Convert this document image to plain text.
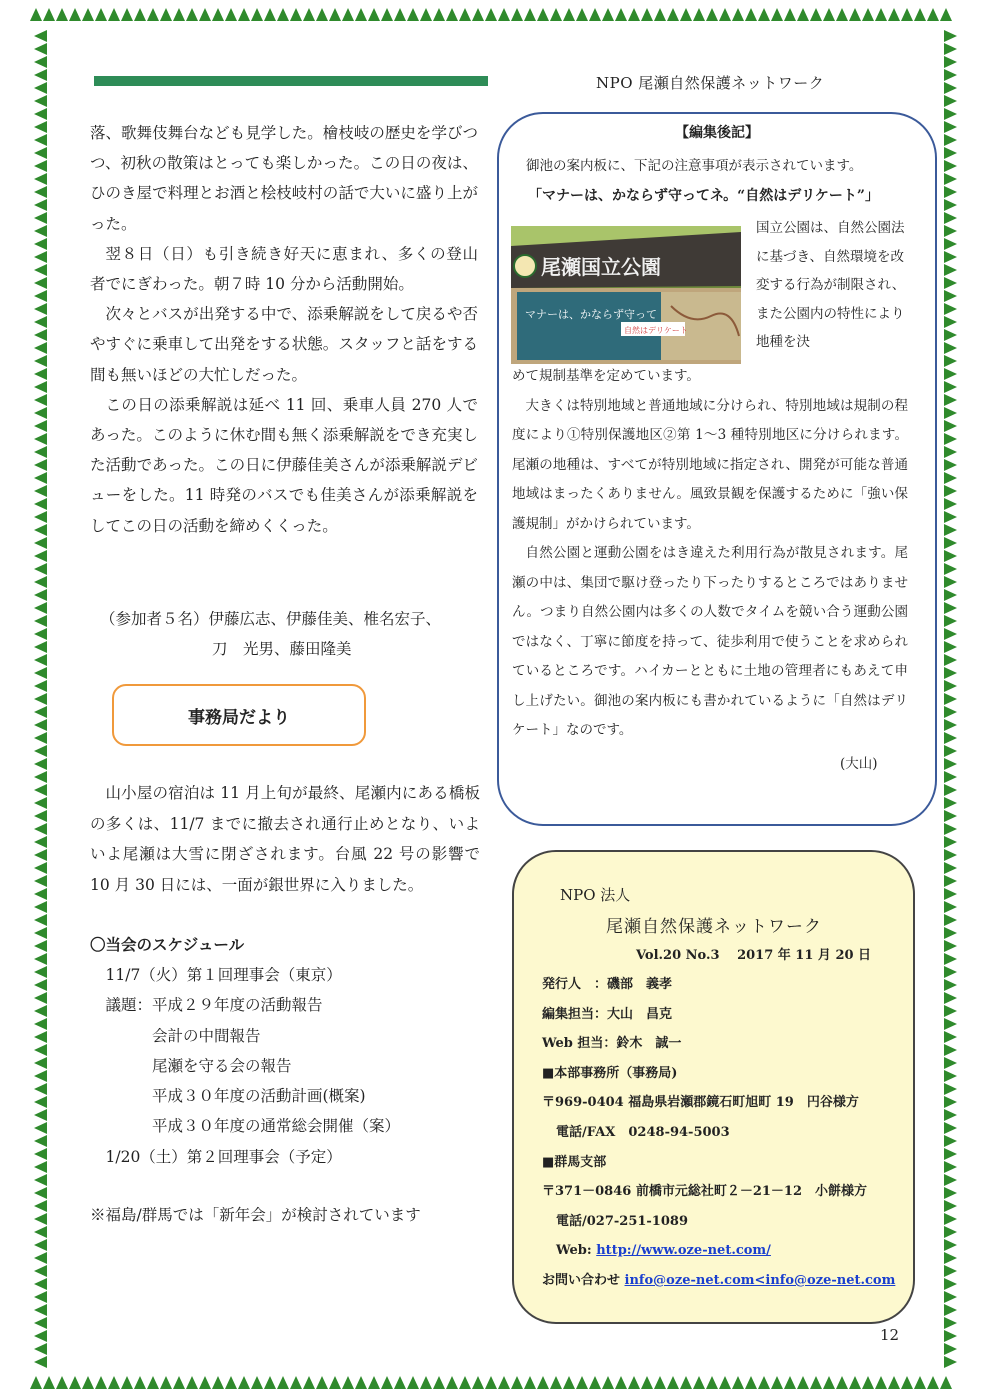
NPO 尾瀬自然保護ネットワーク

落、歌舞伎舞台なども見学した。檜枝岐の歴史を学びつつ、初秋の散策はとっても楽しかった。この日の夜は、ひのき屋で料理とお酒と桧枝岐村の話で大いに盛り上がった。

翌８日（日）も引き続き好天に恵まれ、多くの登山者でにぎわった。朝７時 10 分から活動開始。

次々とバスが出発する中で、添乗解説をして戻るや否やすぐに乗車して出発をする状態。スタッフと話をする間も無いほどの大忙しだった。

この日の添乗解説は延べ 11 回、乗車人員 270 人であった。このように休む間も無く添乗解説をでき充実した活動であった。この日に伊藤佳美さんが添乗解説デビューをした。11 時発のバスでも佳美さんが添乗解説をしてこの日の活動を締めくくった。

（参加者５名）伊藤広志、伊藤佳美、椎名宏子、
刀　光男、藤田隆美
事務局だより

山小屋の宿泊は 11 月上旬が最終、尾瀬内にある橋板の多くは、11/7 までに撤去され通行止めとなり、いよいよ尾瀬は大雪に閉ざされます。台風 22 号の影響で 10 月 30 日には、一面が銀世界に入りました。

〇当会のスケジュール
　11/7（火）第１回理事会（東京）
　議題：平成２９年度の活動報告
　　　　会計の中間報告
　　　　尾瀬を守る会の報告
　　　　平成３０年度の活動計画(概案)
　　　　平成３０年度の通常総会開催（案）
　1/20（土）第２回理事会（予定）
※福島/群馬では「新年会」が検討されています
【編集後記】
御池の案内板に、下記の注意事項が表示されています。
「マナーは、かならず守ってネ。“自然はデリケート”」
尾瀬国立公園
マナーは、かならず守って
自然はデリケート
国立公園は、自然公園法に基づき、自然環境を改変する行為が制限され、また公園内の特性により地種を決

めて規制基準を定めています。

大きくは特別地域と普通地域に分けられ、特別地域は規制の程度により①特別保護地区②第 1～3 種特別地区に分けられます。尾瀬の地種は、すべてが特別地域に指定され、開発が可能な普通地域はまったくありません。風致景観を保護するために「強い保護規制」がかけられています。

自然公園と運動公園をはき違えた利用行為が散見されます。尾瀬の中は、集団で駆け登ったり下ったりするところではありません。つまり自然公園内は多くの人数でタイムを競い合う運動公園ではなく、丁寧に節度を持って、徒歩利用で使うことを求められているところです。ハイカーとともに土地の管理者にもあえて申し上げたい。御池の案内板にも書かれているように「自然はデリケート」なのです。

(大山)
NPO 法人
尾瀬自然保護ネットワーク
Vol.20 No.3　 2017 年 11 月 20 日
発行人　：磯部　義孝
編集担当：大山　昌克
Web 担当：鈴木　誠一
■本部事務所（事務局)
〒969-0404 福島県岩瀬郡鏡石町旭町 19　円谷様方
電話/FAX　0248-94-5003
■群馬支部
〒371－0846 前橋市元総社町２－21－12　小餅様方
電話/027-251-1089
Web: http://www.oze-net.com/
お問い合わせ info@oze-net.com<info@oze-net.com
12
